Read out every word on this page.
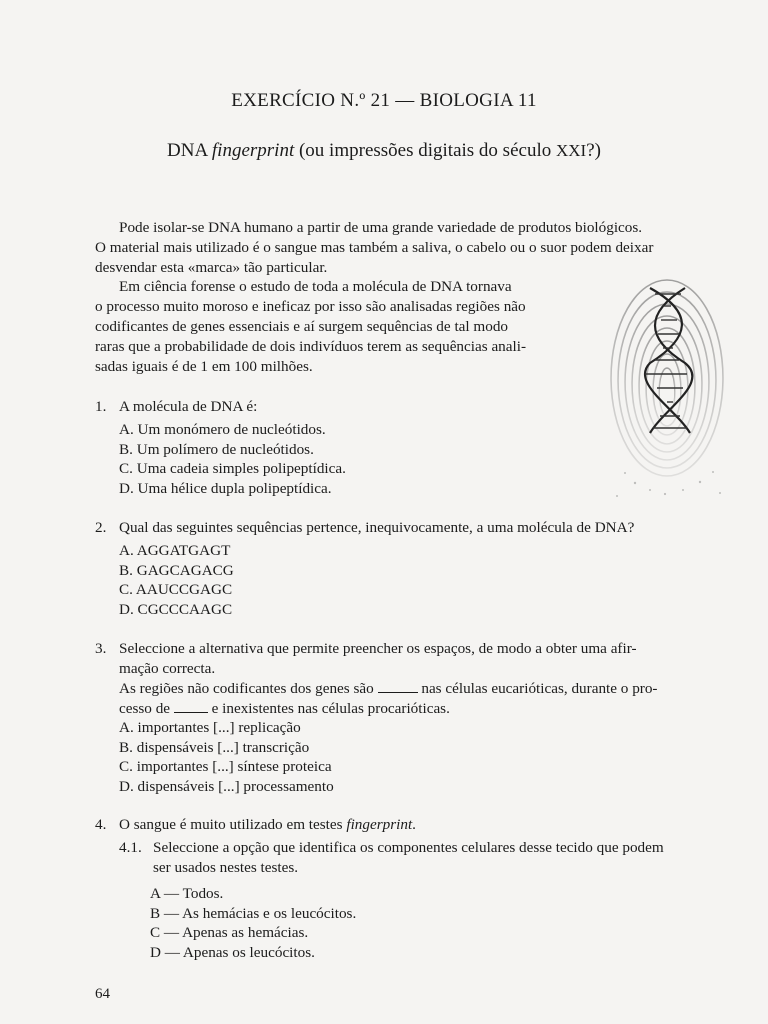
EXERCÍCIO N.º 21 — BIOLOGIA 11
DNA fingerprint (ou impressões digitais do século XXI?)
Pode isolar-se DNA humano a partir de uma grande variedade de produtos biológicos.
O material mais utilizado é o sangue mas também a saliva, o cabelo ou o suor podem deixar
desvendar esta «marca» tão particular.
Em ciência forense o estudo de toda a molécula de DNA tornava
o processo muito moroso e ineficaz por isso são analisadas regiões não
codificantes de genes essenciais e aí surgem sequências de tal modo
raras que a probabilidade de dois indivíduos terem as sequências anali-
sadas iguais é de 1 em 100 milhões.
1. A molécula de DNA é:
A. Um monómero de nucleótidos.
B. Um polímero de nucleótidos.
C. Uma cadeia simples polipeptídica.
D. Uma hélice dupla polipeptídica.
2. Qual das seguintes sequências pertence, inequivocamente, a uma molécula de DNA?
A. AGGATGAGT
B. GAGCAGACG
C. AAUCCGAGC
D. CGCCCAAGC
3. Seleccione a alternativa que permite preencher os espaços, de modo a obter uma afir-
mação correcta.
As regiões não codificantes dos genes são	nas células eucarióticas, durante o pro-
cesso de	e inexistentes nas células procarióticas.
A. importantes [...] replicação
B. dispensáveis [...] transcrição
C. importantes [...] síntese proteica
D. dispensáveis [...] processamento
4. O sangue é muito utilizado em testes fingerprint.
4.1. Seleccione a opção que identifica os componentes celulares desse tecido que podem
ser usados nestes testes.
A — Todos.
B — As hemácias e os leucócitos.
C — Apenas as hemácias.
D — Apenas os leucócitos.
64
